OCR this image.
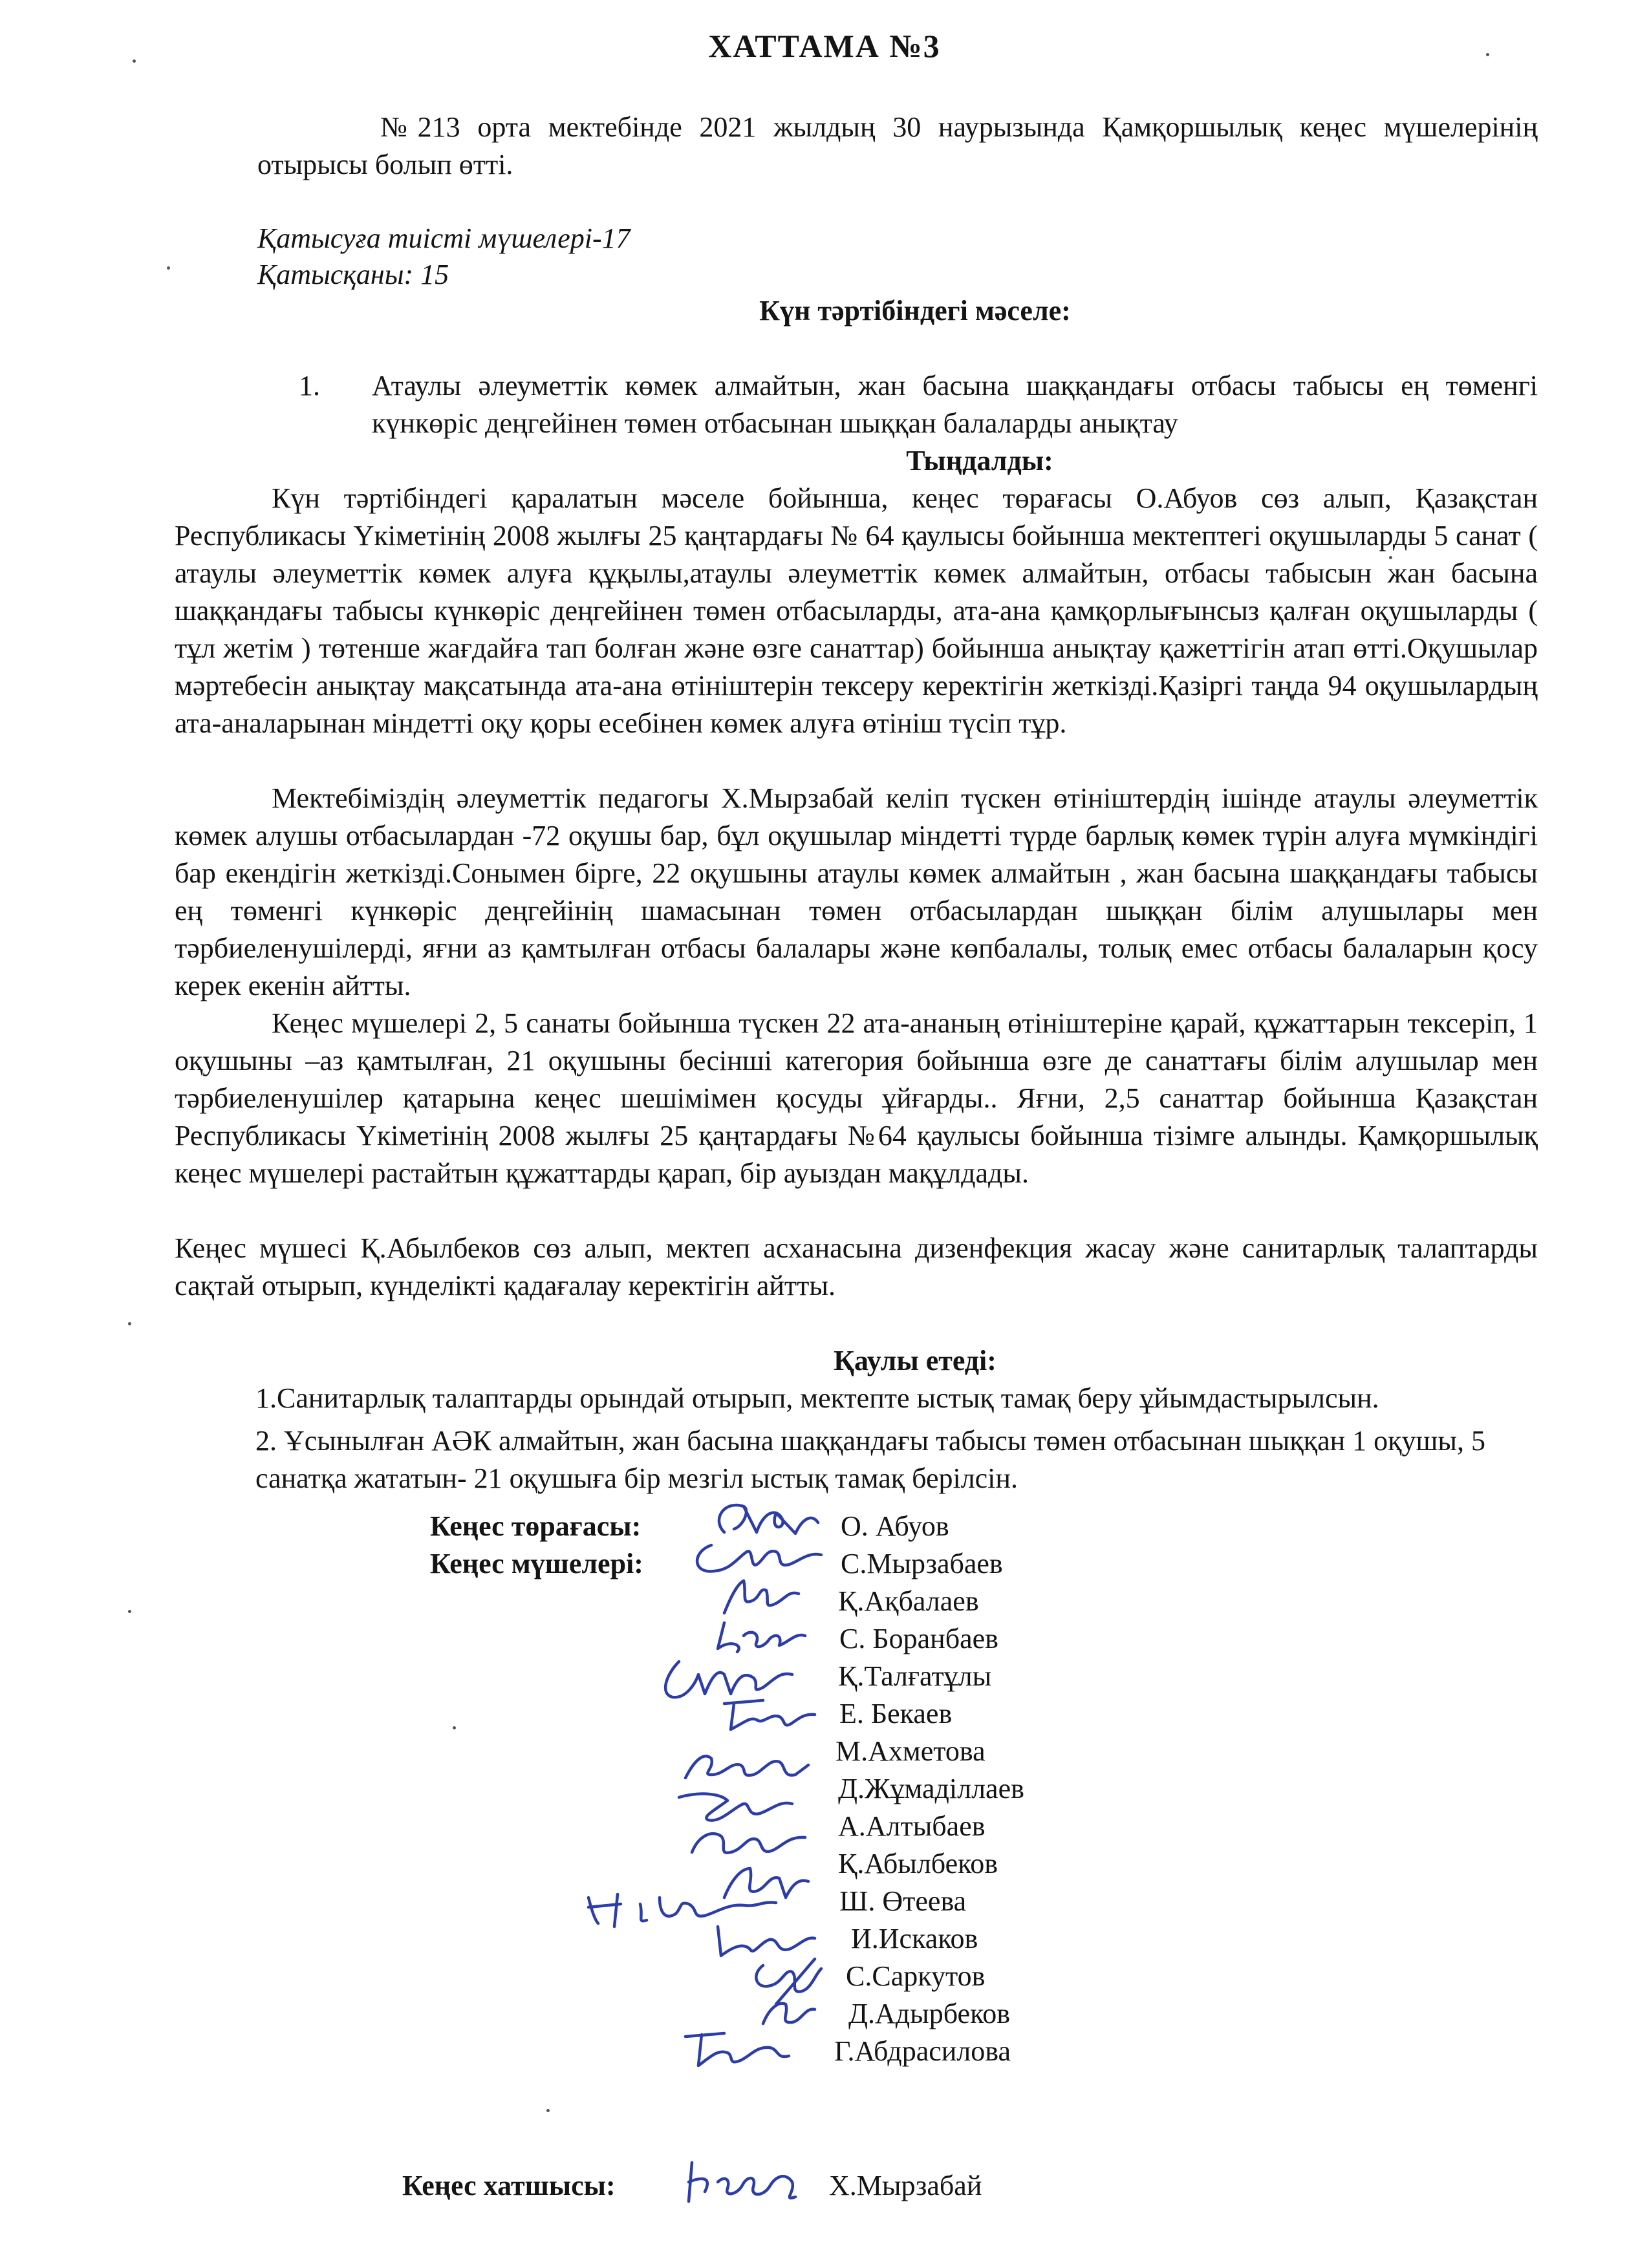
ХАТТАМА №3
№213 орта мектебінде 2021 жылдың 30 наурызында Қамқоршылық кеңес мүшелерінің отырысы болып өтті.
Қатысуға тиісті мүшелері-17
Қатысқаны: 15
Күн тәртібіндегі мәселе:
1.	Атаулы әлеуметтік көмек алмайтын, жан басына шаққандағы отбасы табысы ең төменгі күнкөріс деңгейінен төмен отбасынан шыққан балаларды анықтау
Тыңдалды:
Күн тәртібіндегі қаралатын мәселе бойынша, кеңес төрағасы О.Абуов сөз алып, Қазақстан Республикасы Үкіметінің 2008 жылғы 25 қаңтардағы № 64 қаулысы бойынша мектептегі оқушыларды 5 санат ( атаулы әлеуметтік көмек алуға құқылы,атаулы әлеуметтік көмек алмайтын, отбасы табысын жан басына шаққандағы табысы күнкөріс деңгейінен төмен отбасыларды, ата-ана қамқорлығынсыз қалған оқушыларды ( тұл жетім ) төтенше жағдайға тап болған және өзге санаттар) бойынша анықтау қажеттігін атап өтті.Оқушылар мәртебесін анықтау мақсатында ата-ана өтініштерін тексеру керектігін жеткізді.Қазіргі таңда 94 оқушылардың ата-аналарынан міндетті оқу қоры есебінен көмек алуға өтініш түсіп тұр.
Мектебіміздің әлеуметтік педагогы Х.Мырзабай келіп түскен өтініштердің ішінде атаулы әлеуметтік көмек алушы отбасылардан -72 оқушы бар, бұл оқушылар міндетті түрде барлық көмек түрін алуға мүмкіндігі бар екендігін жеткізді.Сонымен бірге, 22 оқушыны атаулы көмек алмайтын , жан басына шаққандағы табысы ең төменгі күнкөріс деңгейінің шамасынан төмен отбасылардан шыққан білім алушылары мен тәрбиеленушілерді, яғни аз қамтылған отбасы балалары және көпбалалы, толық емес отбасы балаларын қосу керек екенін айтты.
Кеңес мүшелері 2, 5 санаты бойынша түскен 22 ата-ананың өтініштеріне қарай, құжаттарын тексеріп, 1 оқушыны –аз қамтылған, 21 оқушыны бесінші категория бойынша өзге де санаттағы білім алушылар мен тәрбиеленушілер қатарына кеңес шешімімен қосуды ұйғарды.. Яғни, 2,5 санаттар бойынша Қазақстан Республикасы Үкіметінің 2008 жылғы 25 қаңтардағы №64 қаулысы бойынша тізімге алынды. Қамқоршылық кеңес мүшелері растайтын құжаттарды қарап, бір ауыздан мақұлдады.
Кеңес мүшесі Қ.Абылбеков сөз алып, мектеп асханасына дизенфекция жасау және санитарлық талаптарды сақтай отырып, күнделікті қадағалау керектігін айтты.
Қаулы етеді:
1.Санитарлық талаптарды орындай отырып, мектепте ыстық тамақ беру ұйымдастырылсын.
2. Ұсынылған АӘК алмайтын, жан басына шаққандағы табысы төмен отбасынан шыққан 1 оқушы, 5 санатқа жататын- 21 оқушыға бір мезгіл ыстық тамақ берілсін.
Кеңес төрағасы:	О. Абуов
Кеңес мүшелері:	С.Мырзабаев
Қ.Ақбалаев
С. Боранбаев
Қ.Талғатұлы
Е. Бекаев
М.Ахметова
Д.Жұмаділлаев
А.Алтыбаев
Қ.Абылбеков
Ш. Өтеева
И.Искаков
С.Саркутов
Д.Адырбеков
Г.Абдрасилова
Кеңес хатшысы:	Х.Мырзабай
